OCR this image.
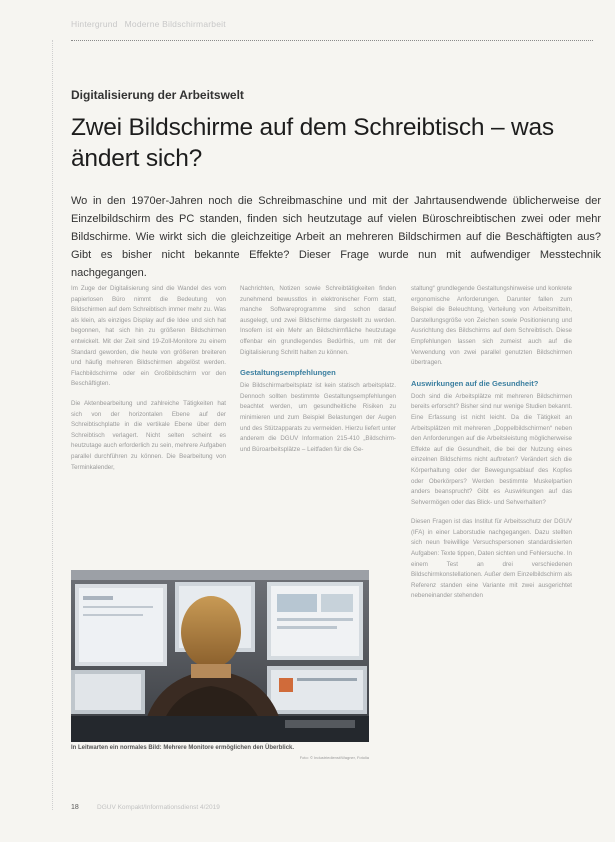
Hintergrund Moderne Bildschirmarbeit
Digitalisierung der Arbeitswelt
Zwei Bildschirme auf dem Schreibtisch – was ändert sich?
Wo in den 1970er-Jahren noch die Schreibmaschine und mit der Jahrtausendwende üblicherweise der Einzelbildschirm des PC standen, finden sich heutzutage auf vielen Büroschreibtischen zwei oder mehr Bildschirme. Wie wirkt sich die gleichzeitige Arbeit an mehreren Bildschirmen auf die Beschäftigten aus? Gibt es bisher nicht bekannte Effekte? Dieser Frage wurde nun mit aufwendiger Messtechnik nachgegangen.

Im Zuge der Digitalisierung sind die Wandel des vom papierlosen Büro nimmt die Bedeutung von Bildschirmen auf dem Schreibtisch immer mehr zu. Was als klein, als einziges Display auf die Idee und sich hat begonnen, hat sich hin zu größeren Bildschirmen entwickelt. Mit der Zeit sind 19-Zoll-Monitore zu einem Standard geworden, die heute von größeren breiteren und häufig mehreren Bildschirmen abgelöst werden. Flachbildschirme oder ein Großbildschirm vor den Beschäftigten.

Die Aktenbearbeitung und zahlreiche Tätigkeiten hat sich von der horizontalen Ebene auf der Schreibtischplatte in die vertikale Ebene über dem Schreibtisch verlagert. Nicht selten scheint es heutzutage auch erforderlich zu sein, mehrere Aufgaben parallel durchführen zu können. Die Bearbeitung von Terminkalender,

Nachrichten, Notizen sowie Schreibtätigkeiten finden zunehmend bewusstlos in elektronischer Form statt, manche Softwareprogramme sind schon darauf ausgelegt, und zwei Bildschirme dargestellt zu werden. Insofern ist ein Mehr an Bildschirmfläche heutzutage offenbar ein grundlegendes Bedürfnis, um mit der Digitalisierung Schritt halten zu können.

Gestaltungsempfehlungen

Die Bildschirmarbeitsplatz ist kein statisch arbeitsplatz. Dennoch sollten bestimmte Gestaltungsempfehlungen beachtet werden, um gesundheitliche Risiken zu minimieren und zum Beispiel Belastungen der Augen und des Stützapparats zu vermeiden. Hierzu liefert unter anderem die DGUV Information 215-410 „Bildschirm- und Büroarbeitsplätze – Leitfaden für die Ge-

staltung“ grundlegende Gestaltungshinweise und konkrete ergonomische Anforderungen. Darunter fallen zum Beispiel die Beleuchtung, Verteilung von Arbeitsmitteln, Darstellungsgröße von Zeichen sowie Positionierung und Ausrichtung des Bildschirms auf dem Schreibtisch. Diese Empfehlungen lassen sich zumeist auch auf die Verwendung von zwei parallel genutzten Bildschirmen übertragen.

Auswirkungen auf die Gesundheit?

Doch sind die Arbeitsplätze mit mehreren Bildschirmen bereits erforscht? Bisher sind nur wenige Studien bekannt. Eine Erfassung ist nicht leicht. Da die Tätigkeit an Arbeitsplätzen mit mehreren „Doppelbildschirmen“ neben den Anforderungen auf die Arbeitsleistung möglicherweise Effekte auf die Gesundheit, die bei der Nutzung eines einzelnen Bildschirms nicht auftreten? Verändert sich die Körperhaltung oder der Bewegungsablauf des Kopfes oder Oberkörpers? Werden bestimmte Muskelpartien anders beansprucht? Gibt es Auswirkungen auf das Sehvermögen oder das Blick- und Sehverhalten?

Diesen Fragen ist das Institut für Arbeitsschutz der DGUV (IFA) in einer Laborstudie nachgegangen. Dazu stellten sich neun freiwillige Versuchspersonen standardisierten Aufgaben: Texte tippen, Daten sichten und Fehlersuche. In einem Test an drei verschiedenen Bildschirmkonstellationen. Außer dem Einzelbildschirm als Referenz standen eine Variante mit zwei ausgerichtet nebeneinander stehenden

In Leitwarten ein normales Bild: Mehrere Monitore ermöglichen den Überblick.
Foto: © Industriedienst/Wagner, Fotolia
18	DGUV Kompakt/Informationsdienst 4/2019
